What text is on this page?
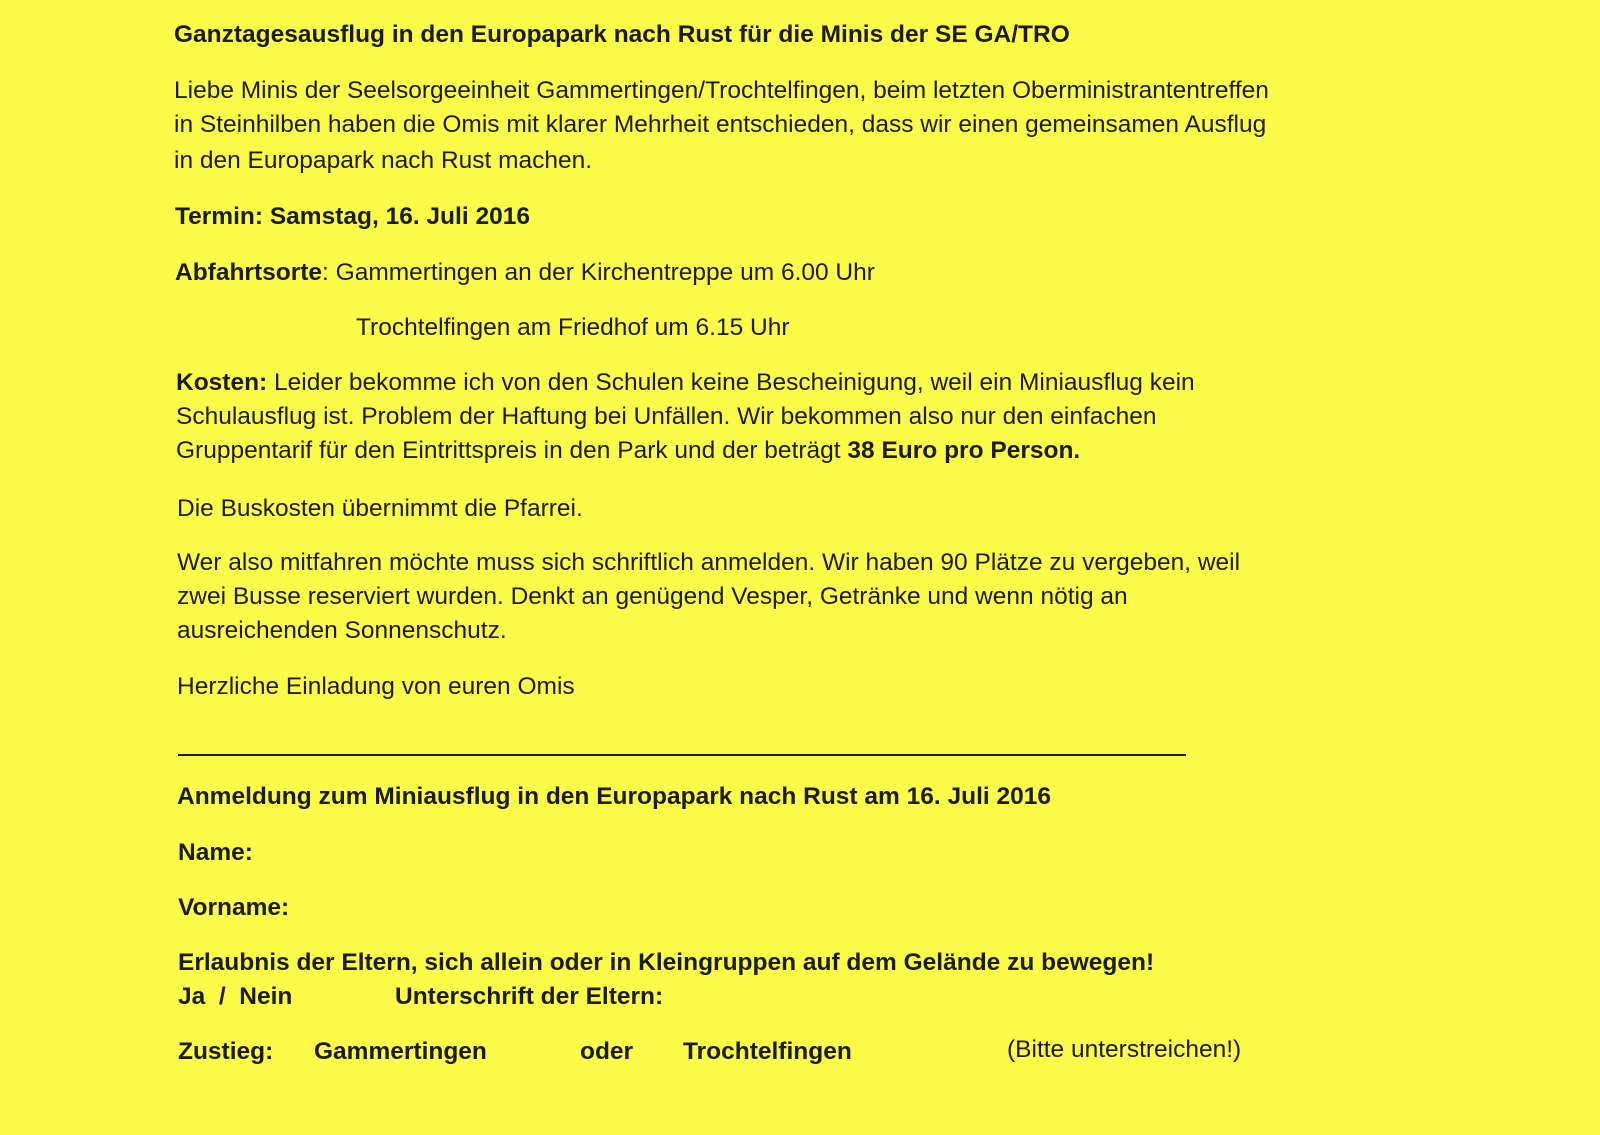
Ganztagesausflug in den Europapark nach Rust für die Minis der SE GA/TRO
Liebe Minis der Seelsorgeeinheit Gammertingen/Trochtelfingen, beim letzten Oberministrantentreffen
in Steinhilben haben die Omis mit klarer Mehrheit entschieden, dass wir einen gemeinsamen Ausflug
in den Europapark nach Rust machen.
Termin: Samstag, 16. Juli 2016
Abfahrtsorte: Gammertingen an der Kirchentreppe um 6.00 Uhr
Trochtelfingen am Friedhof um 6.15 Uhr
Kosten: Leider bekomme ich von den Schulen keine Bescheinigung, weil ein Miniausflug kein
Schulausflug ist. Problem der Haftung bei Unfällen. Wir bekommen also nur den einfachen
Gruppentarif für den Eintrittspreis in den Park und der beträgt 38 Euro pro Person.
Die Buskosten übernimmt die Pfarrei.
Wer also mitfahren möchte muss sich schriftlich anmelden. Wir haben 90 Plätze zu vergeben, weil
zwei Busse reserviert wurden. Denkt an genügend Vesper, Getränke und wenn nötig an
ausreichenden Sonnenschutz.
Herzliche Einladung von euren Omis
Anmeldung zum Miniausflug in den Europapark nach Rust am 16. Juli 2016
Name:
Vorname:
Erlaubnis der Eltern, sich allein oder in Kleingruppen auf dem Gelände zu bewegen!
Ja  /  Nein	Unterschrift der Eltern:
Zustieg: Gammertingen	oder Trochtelfingen	(Bitte unterstreichen!)
